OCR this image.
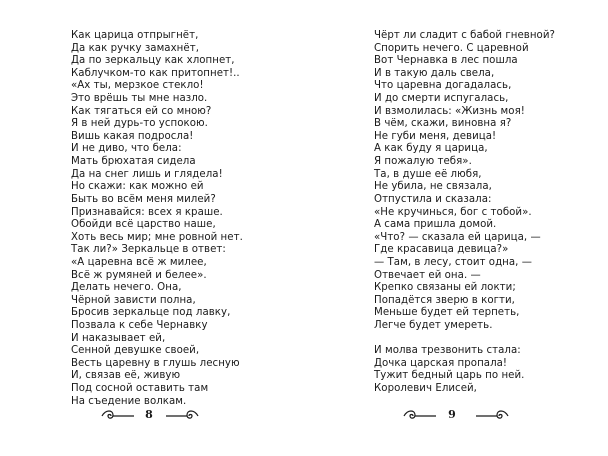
Как царица отпрыгнёт,
Да как ручку замахнёт,
Да по зеркальцу как хлопнет,
Каблучком-то как притопнет!..
«Ах ты, мерзкое стекло!
Это врёшь ты мне назло.
Как тягаться ей со мною?
Я в ней дурь-то успокою.
Вишь какая подросла!
И не диво, что бела:
Мать брюхатая сидела
Да на снег лишь и глядела!
Но скажи: как можно ей
Быть во всём меня милей?
Признавайся: всех я краше.
Обойди всё царство наше,
Хоть весь мир; мне ровной нет.
Так ли?» Зеркальце в ответ:
«А царевна всё ж милее,
Всё ж румяней и белее».
Делать нечего. Она,
Чёрной зависти полна,
Бросив зеркальце под лавку,
Позвала к себе Чернавку
И наказывает ей,
Сенной девушке своей,
Весть царевну в глушь лесную
И, связав её, живую
Под сосной оставить там
На съедение волкам.
8
Чёрт ли сладит с бабой гневной?
Спорить нечего. С царевной
Вот Чернавка в лес пошла
И в такую даль свела,
Что царевна догадалась,
И до смерти испугалась,
И взмолилась: «Жизнь моя!
В чём, скажи, виновна я?
Не губи меня, девица!
А как буду я царица,
Я пожалую тебя».
Та, в душе её любя,
Не убила, не связала,
Отпустила и сказала:
«Не кручинься, бог с тобой».
А сама пришла домой.
«Что? — сказала ей царица, —
Где красавица девица?»
— Там, в лесу, стоит одна, —
Отвечает ей она. —
Крепко связаны ей локти;
Попадётся зверю в когти,
Меньше будет ей терпеть,
Легче будет умереть.
И молва трезвонить стала:
Дочка царская пропала!
Тужит бедный царь по ней.
Королевич Елисей,
9
